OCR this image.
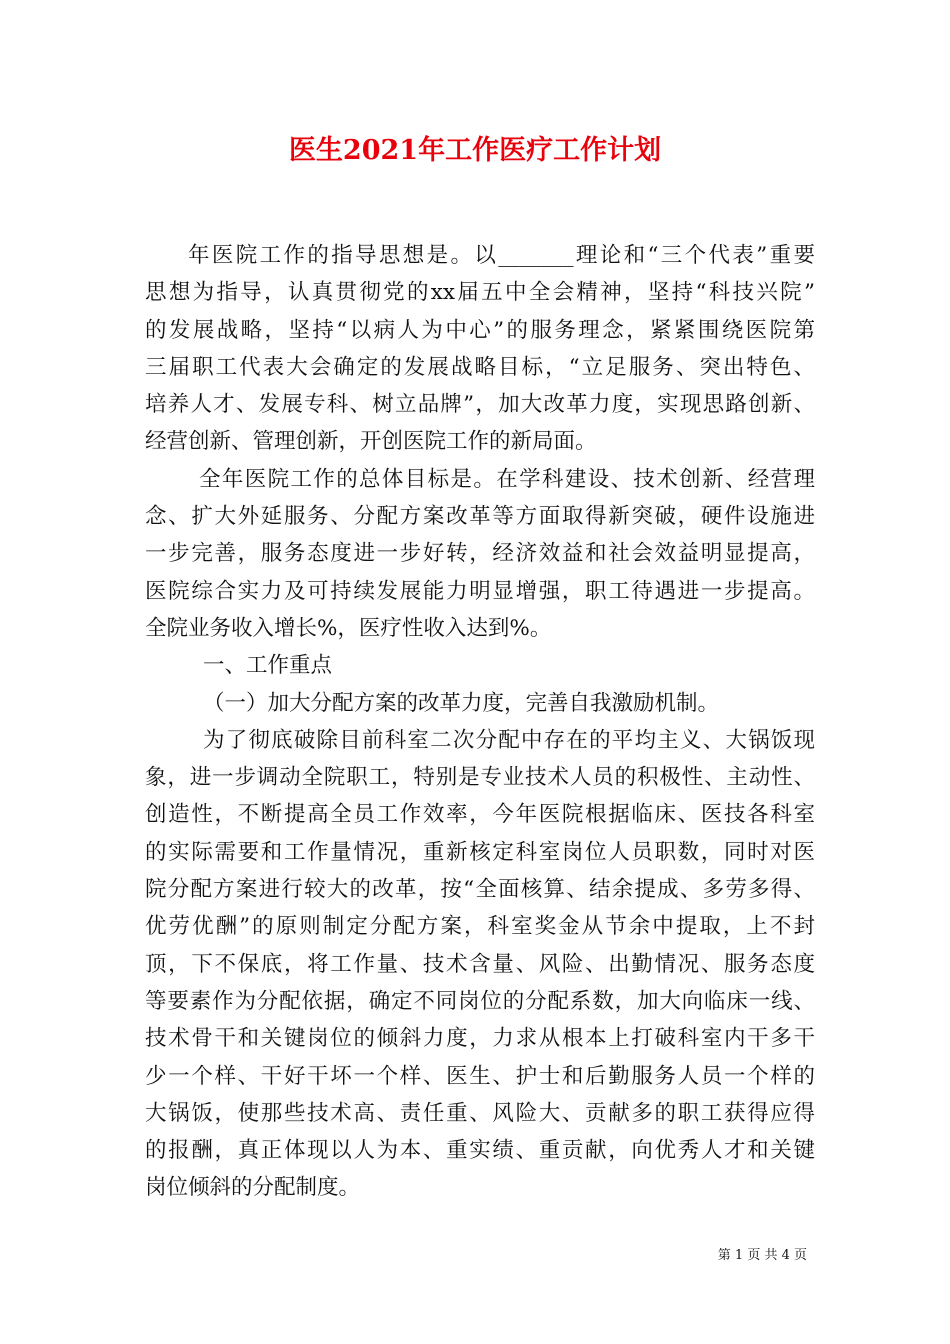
医生2021年工作医疗工作计划
年医院工作的指导思想是。以_______理论和“三个代表”重要
思想为指导，认真贯彻党的xx届五中全会精神，坚持“科技兴院”
的发展战略，坚持“以病人为中心”的服务理念，紧紧围绕医院第
三届职工代表大会确定的发展战略目标，“立足服务、突出特色、
培养人才、发展专科、树立品牌”，加大改革力度，实现思路创新、
经营创新、管理创新，开创医院工作的新局面。
全年医院工作的总体目标是。在学科建设、技术创新、经营理
念、扩大外延服务、分配方案改革等方面取得新突破，硬件设施进
一步完善，服务态度进一步好转，经济效益和社会效益明显提高，
医院综合实力及可持续发展能力明显增强，职工待遇进一步提高。
全院业务收入增长%，医疗性收入达到%。
一、工作重点
（一）加大分配方案的改革力度，完善自我激励机制。
为了彻底破除目前科室二次分配中存在的平均主义、大锅饭现
象，进一步调动全院职工，特别是专业技术人员的积极性、主动性、
创造性，不断提高全员工作效率，今年医院根据临床、医技各科室
的实际需要和工作量情况，重新核定科室岗位人员职数，同时对医
院分配方案进行较大的改革，按“全面核算、结余提成、多劳多得、
优劳优酬”的原则制定分配方案，科室奖金从节余中提取，上不封
顶，下不保底，将工作量、技术含量、风险、出勤情况、服务态度
等要素作为分配依据，确定不同岗位的分配系数，加大向临床一线、
技术骨干和关键岗位的倾斜力度，力求从根本上打破科室内干多干
少一个样、干好干坏一个样、医生、护士和后勤服务人员一个样的
大锅饭，使那些技术高、责任重、风险大、贡献多的职工获得应得
的报酬，真正体现以人为本、重实绩、重贡献，向优秀人才和关键
岗位倾斜的分配制度。
第 1 页 共 4 页
